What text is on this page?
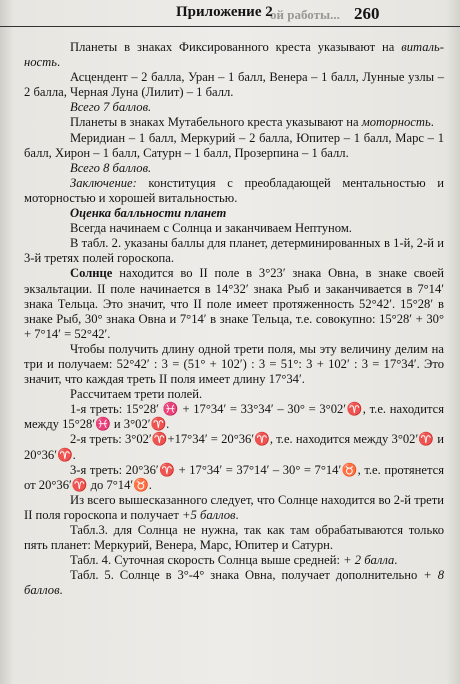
ой работы...
Приложение 2	260

Планеты в знаках Фиксированного креста указывают на витальность.

Асцендент – 2 балла, Уран – 1 балл, Венера – 1 балл, Лунные узлы – 2 балла, Черная Луна (Лилит) – 1 балл.

Всего 7 баллов.

Планеты в знаках Мутабельного креста указывают на моторность.

Меридиан – 1 балл, Меркурий – 2 балла, Юпитер – 1 балл, Марс – 1 балл, Хирон – 1 балл, Сатурн – 1 балл, Прозерпина – 1 балл.

Всего 8 баллов.

Заключение: конституция с преобладающей ментальностью и моторностью и хорошей витальностью.

Оценка балльности планет

Всегда начинаем с Солнца и заканчиваем Нептуном.

В табл. 2. указаны баллы для планет, детерминированных в 1-й, 2-й и 3-й третях полей гороскопа.

Солнце находится во II поле в 3°23′ знака Овна, в знаке своей экзальтации. II поле начинается в 14°32′ знака Рыб и заканчивается в 7°14′ знака Тельца. Это значит, что II поле имеет протяженность 52°42′. 15°28′ в знаке Рыб, 30° знака Овна и 7°14′ в знаке Тельца, т.е. совокупно: 15°28′ + 30° + 7°14′ = 52°42′.

Чтобы получить длину одной трети поля, мы эту величину делим на три и получаем: 52°42′ : 3 = (51° + 102′) : 3 = 51°: 3 + 102′ : 3 = 17°34′. Это значит, что каждая треть II поля имеет длину 17°34′.

Рассчитаем трети полей.

1-я треть: 15°28′ ♓ + 17°34′ = 33°34′ – 30° = 3°02′♈, т.е. находится между 15°28′♓ и 3°02′♈.

2-я треть: 3°02′♈+17°34′ = 20°36′♈, т.е. находится между 3°02′♈ и 20°36′♈.

3-я треть: 20°36′♈ + 17°34′ = 37°14′ – 30° = 7°14′♉, т.е. протянется от 20°36′♈ до 7°14′♉.

Из всего вышесказанного следует, что Солнце находится во 2-й трети II поля гороскопа и получает +5 баллов.

Табл.3. для Солнца не нужна, так как там обрабатываются только пять планет: Меркурий, Венера, Марс, Юпитер и Сатурн.

Табл. 4. Суточная скорость Солнца выше средней: + 2 балла.

Табл. 5. Солнце в 3°-4° знака Овна, получает дополнительно + 8 баллов.
